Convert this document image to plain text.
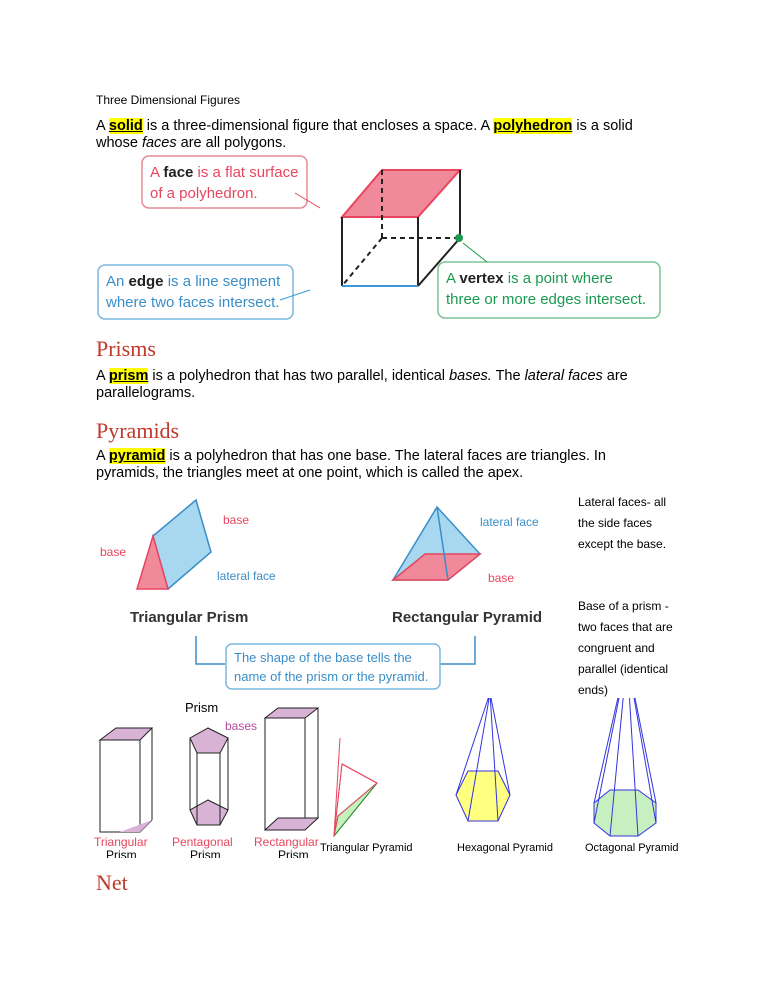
Three Dimensional Figures
A solid is a three-dimensional figure that encloses a space. A polyhedron is a solid whose faces are all polygons.
A face is a flat surface of a polyhedron.
An edge is a line segment where two faces intersect.
A vertex is a point where three or more edges intersect.
Prisms
A prism is a polyhedron that has two parallel, identical bases. The lateral faces are parallelograms.
Pyramids
A pyramid is a polyhedron that has one base. The lateral faces are triangles. In pyramids, the triangles meet at one point, which is called the apex.
Lateral faces- all the side faces except the base.
Base of a prism - two faces that are congruent and parallel (identical ends)
base
base
lateral face
lateral face
base
Triangular Prism	Rectangular Pyramid
The shape of the base tells the name of the prism or the pyramid.
Triangular
Prism
Prism
bases
Pentagonal
Prism
Rectangular
Prism Triangular Pyramid	Hexagonal Pyramid	Octagonal Pyramid
Net
